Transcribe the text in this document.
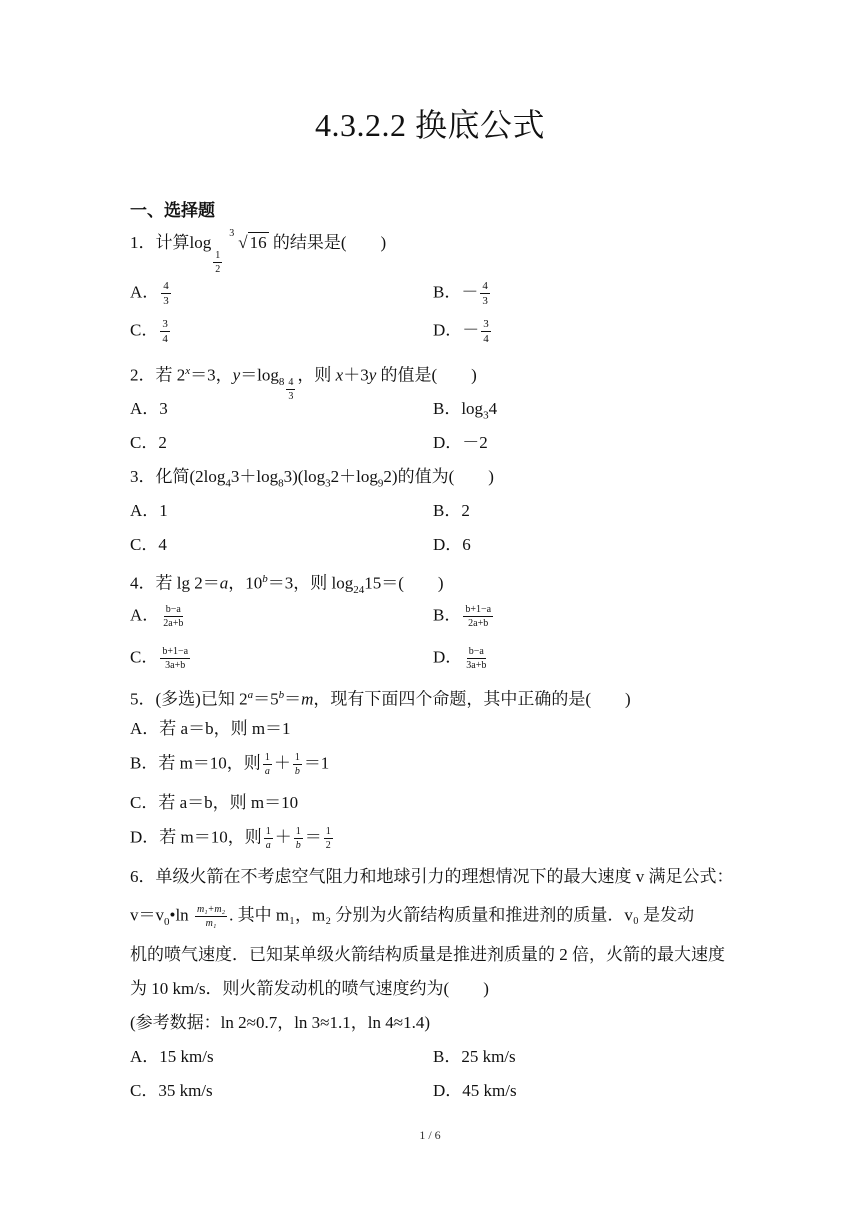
4.3.2.2 换底公式
一、选择题
1．计算log
$\frac{1}{2}$
3 √ 16 的结果是(　　)
A． $\frac{4}{3}$	B．－ $\frac{4}{3}$
C． $\frac{3}{4}$	D．－ $\frac{3}{4}$
2．若 $2^x=3$，$y=\log_8 \frac{4}{3}$
，则 x＋3y 的值是(　　)
A．3	B．$\log_34$
C．2	D．－2
3．化简$(2\log_43+\log_83)(\log_32+\log_92)$的值为(　　)
A．1	B．2
C．4	D．6
4．若 lg 2＝a，$10^b=3$，则 $\log_{24}15=$(　　)
A． $\frac{b-a}{2a+b}$	B． $\frac{b+1-a}{2a+b}$
C． $\frac{b+1-a}{3a+b}$	D． $\frac{b-a}{3a+b}$
5．(多选)已知 $2^a=5^b=m$，现有下面四个命题，其中正确的是(　　)
A．若 a＝b，则 m＝1
B．若 m＝10，则 $\frac{1}{a} + \frac{1}{b} =1$
C．若 a＝b，则 m＝10
D．若 m＝10，则 $\frac{1}{a} + \frac{1}{b} = \frac{1}{2}$
6．单级火箭在不考虑空气阻力和地球引力的理想情况下的最大速度 v 满足公式：
$v=v_0•\ln \frac{\text{m₁+m₂}}{\text{m₁}}$ . 其中 m₁，m₂ 分别为火箭结构质量和推进剂的质量．v₀ 是发动
机的喷气速度．已知某单级火箭结构质量是推进剂质量的 2 倍，火箭的最大速度
为 10 km/s．则火箭发动机的喷气速度约为(　　)
(参考数据：ln 2≈0.7，ln 3≈1.1，ln 4≈1.4)
A．15 km/s	B．25 km/s
C．35 km/s	D．45 km/s
1 / 6
